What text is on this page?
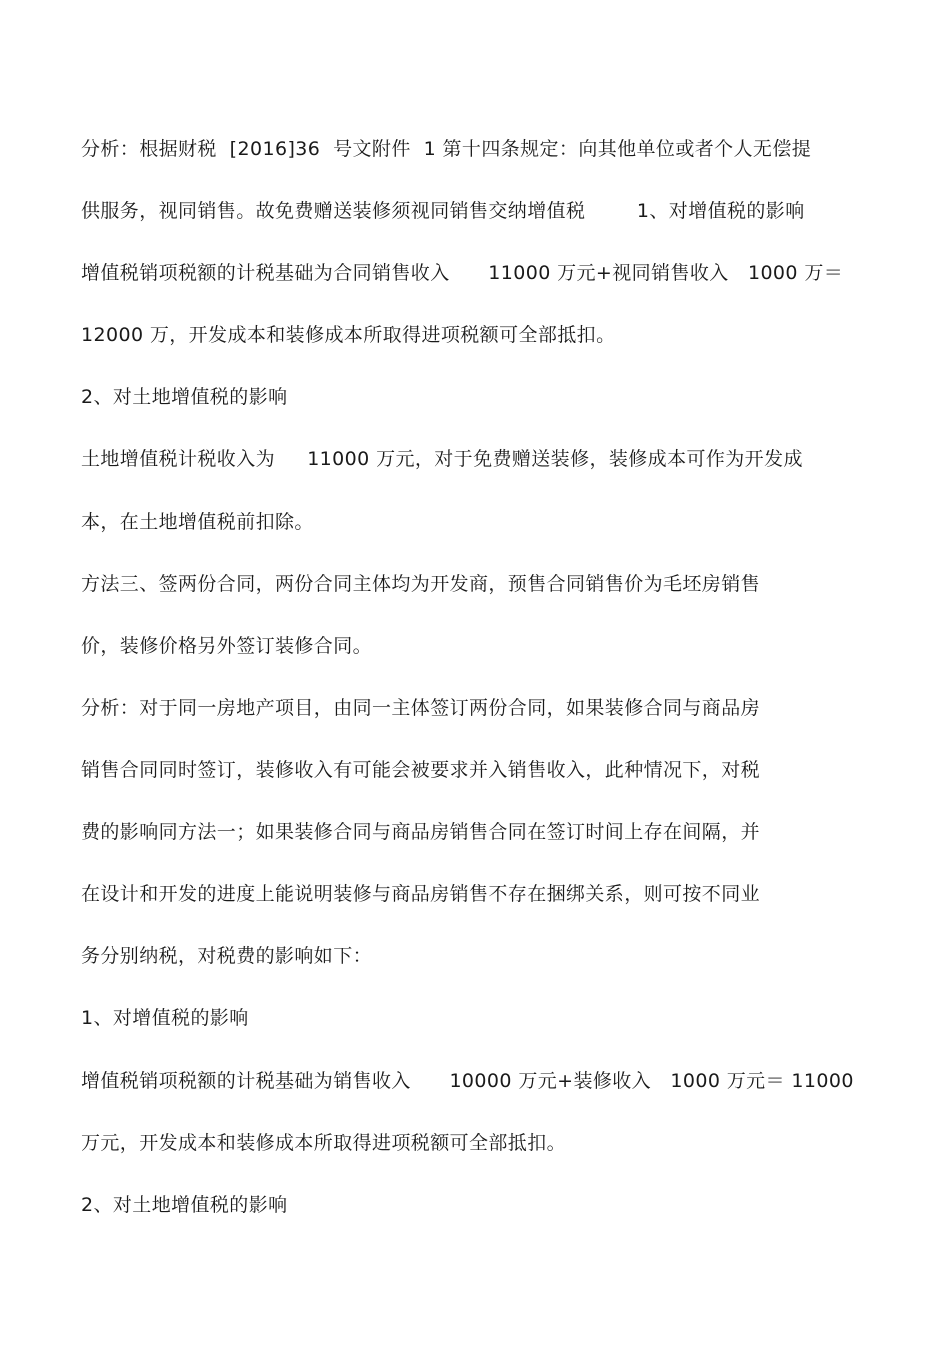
分析：根据财税  [2016]36  号文附件  1 第十四条规定：向其他单位或者个人无偿提
供服务，视同销售。故免费赠送装修须视同销售交纳增值税        1、对增值税的影响
增值税销项税额的计税基础为合同销售收入      11000 万元+视同销售收入   1000 万＝
12000 万，开发成本和装修成本所取得进项税额可全部抵扣。
2、对土地增值税的影响
土地增值税计税收入为     11000 万元，对于免费赠送装修，装修成本可作为开发成
本，在土地增值税前扣除。
方法三、签两份合同，两份合同主体均为开发商，预售合同销售价为毛坯房销售
价，装修价格另外签订装修合同。
分析：对于同一房地产项目，由同一主体签订两份合同，如果装修合同与商品房
销售合同同时签订，装修收入有可能会被要求并入销售收入，此种情况下，对税
费的影响同方法一；如果装修合同与商品房销售合同在签订时间上存在间隔，并
在设计和开发的进度上能说明装修与商品房销售不存在捆绑关系，则可按不同业
务分别纳税，对税费的影响如下：
1、对增值税的影响
增值税销项税额的计税基础为销售收入      10000 万元+装修收入   1000 万元＝ 11000
万元，开发成本和装修成本所取得进项税额可全部抵扣。
2、对土地增值税的影响
